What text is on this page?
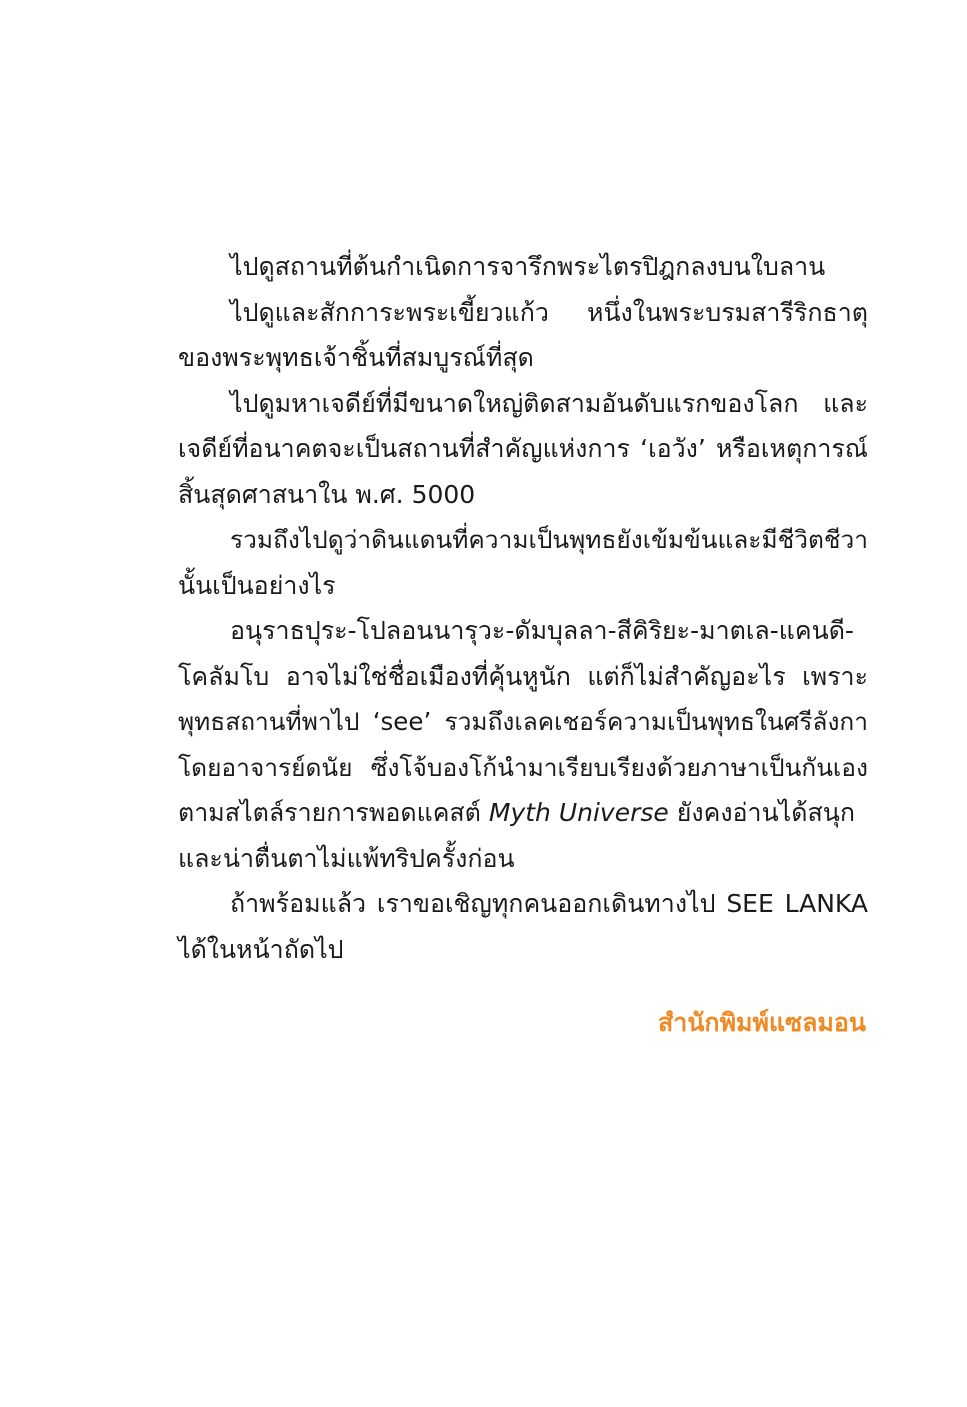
ไปดูสถานที่ต้นกำเนิดการจารึกพระไตรปิฎกลงบนใบลาน
ไปดูและสักการะพระเขี้ยวแก้ว หนึ่งในพระบรมสารีริกธาตุ
ของพระพุทธเจ้าชิ้นที่สมบูรณ์ที่สุด
ไปดูมหาเจดีย์ที่มีขนาดใหญ่ติดสามอันดับแรกของโลก และ
เจดีย์ที่อนาคตจะเป็นสถานที่สำคัญแห่งการ ‘เอวัง’ หรือเหตุการณ์
สิ้นสุดศาสนาใน พ.ศ. 5000
รวมถึงไปดูว่าดินแดนที่ความเป็นพุทธยังเข้มข้นและมีชีวิตชีวา
นั้นเป็นอย่างไร
อนุราธปุระ-โปลอนนารุวะ-ดัมบุลลา-สีคิริยะ-มาตเล-แคนดี-
โคลัมโบ อาจไม่ใช่ชื่อเมืองที่คุ้นหูนัก แต่ก็ไม่สำคัญอะไร เพราะ
พุทธสถานที่พาไป ‘see’ รวมถึงเลคเชอร์ความเป็นพุทธในศรีลังกา
โดยอาจารย์ดนัย ซึ่งโจ้บองโก้นำมาเรียบเรียงด้วยภาษาเป็นกันเอง
ตามสไตล์รายการพอดแคสต์ Myth Universe ยังคงอ่านได้สนุก
และน่าตื่นตาไม่แพ้ทริปครั้งก่อน
ถ้าพร้อมแล้ว เราขอเชิญทุกคนออกเดินทางไป SEE LANKA
ได้ในหน้าถัดไป
สำนักพิมพ์แซลมอน
